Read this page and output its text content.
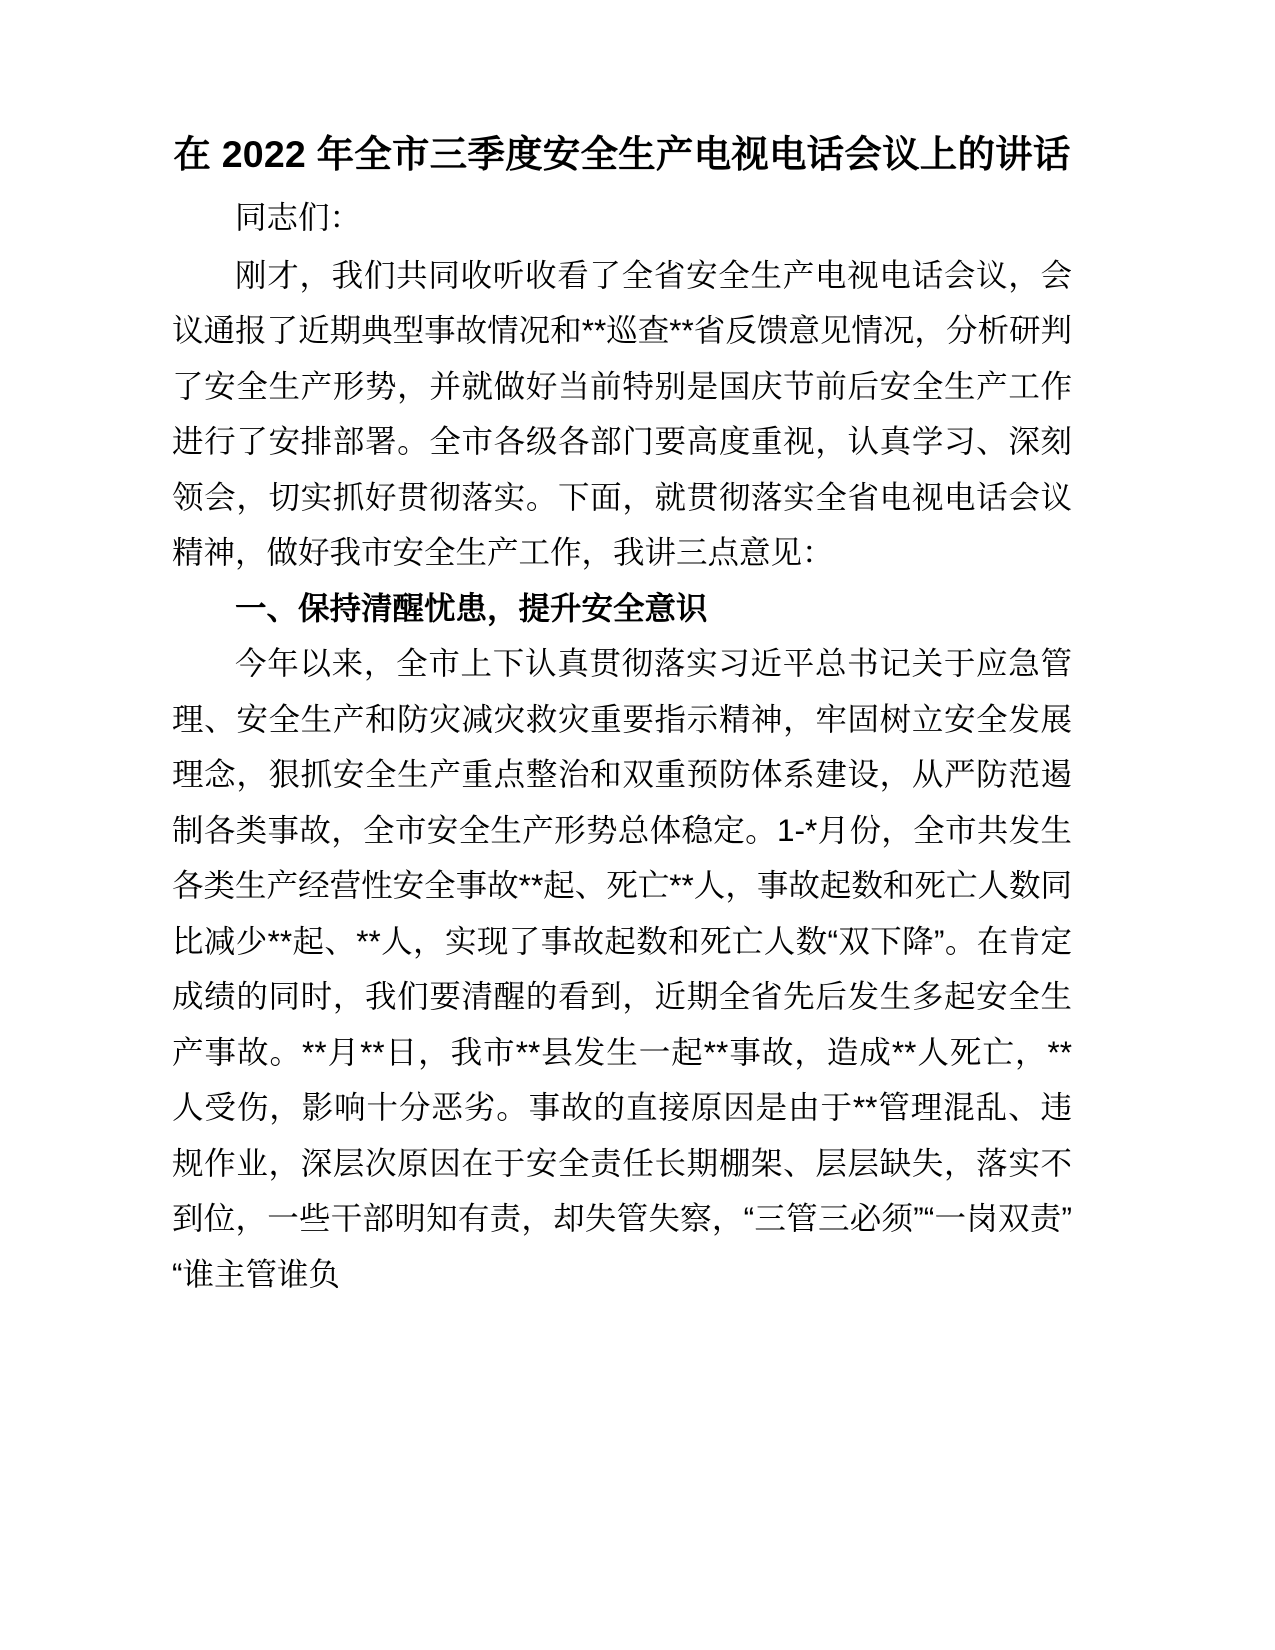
在 2022 年全市三季度安全生产电视电话会议上的讲话

同志们：

刚才，我们共同收听收看了全省安全生产电视电话会议，会议通报了近期典型事故情况和**巡查**省反馈意见情况，分析研判了安全生产形势，并就做好当前特别是国庆节前后安全生产工作进行了安排部署。全市各级各部门要高度重视，认真学习、深刻领会，切实抓好贯彻落实。下面，就贯彻落实全省电视电话会议精神，做好我市安全生产工作，我讲三点意见：

一、保持清醒忧患，提升安全意识

今年以来，全市上下认真贯彻落实习近平总书记关于应急管理、安全生产和防灾减灾救灾重要指示精神，牢固树立安全发展理念，狠抓安全生产重点整治和双重预防体系建设，从严防范遏制各类事故，全市安全生产形势总体稳定。1‑*月份，全市共发生各类生产经营性安全事故**起、死亡**人，事故起数和死亡人数同比减少**起、**人，实现了事故起数和死亡人数“双下降”。在肯定成绩的同时，我们要清醒的看到，近期全省先后发生多起安全生产事故。**月**日，我市**县发生一起**事故，造成**人死亡，**人受伤，影响十分恶劣。事故的直接原因是由于**管理混乱、违规作业，深层次原因在于安全责任长期棚架、层层缺失，落实不到位，一些干部明知有责，却失管失察，“三管三必须”“一岗双责”“谁主管谁负
